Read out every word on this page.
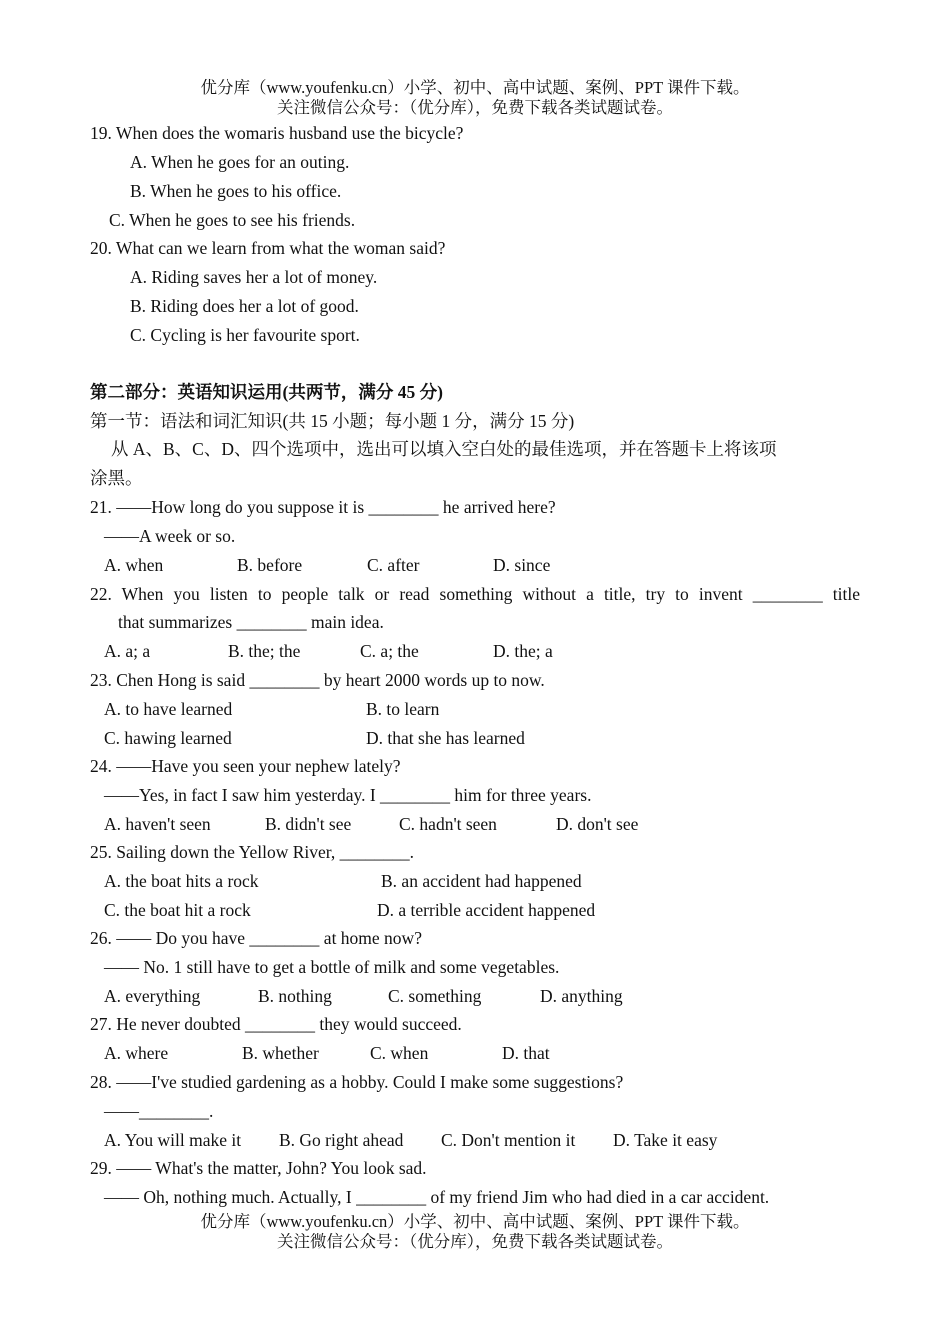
优分库（www.youfenku.cn）小学、初中、高中试题、案例、PPT 课件下载。
关注微信公众号：（优分库），免费下载各类试题试卷。
19. When does the womaris husband use the bicycle?
A. When he goes for an outing.
B. When he goes to his office.
C. When he goes to see his friends.
20. What can we learn from what the woman said?
A. Riding saves her a lot of money.
B. Riding does her a lot of good.
C. Cycling is her favourite sport.
第二部分：英语知识运用(共两节，满分 45 分)
第一节：语法和词汇知识(共 15 小题；每小题 1 分，满分 15 分)
从 A、B、C、D、四个选项中，选出可以填入空白处的最佳选项，并在答题卡上将该项
涂黑。
21. ——How long do you suppose it is ________ he arrived here?
——A week or so.
A. when	B. before	C. after	D. since
22. When you listen to people talk or read something without a title, try to invent ________ title
that summarizes ________ main idea.
A. a; a	B. the; the	C. a; the	D. the; a
23. Chen Hong is said ________ by heart 2000 words up to now.
A. to have learned	B. to learn
C. hawing learned	D. that she has learned
24. ——Have you seen your nephew lately?
——Yes, in fact I saw him yesterday. I ________ him for three years.
A. haven't seen	B. didn't see	C. hadn't seen	D. don't see
25. Sailing down the Yellow River, ________.
A. the boat hits a rock	B. an accident had happened
C. the boat hit a rock	D. a terrible accident happened
26. —— Do you have ________ at home now?
—— No. 1 still have to get a bottle of milk and some vegetables.
A. everything	B. nothing	C. something	D. anything
27. He never doubted ________ they would succeed.
A. where	B. whether	C. when	D. that
28. ——I've studied gardening as a hobby. Could I make some suggestions?
——________.
A. You will make it B. Go right ahead C. Don't mention it D. Take it easy
29. —— What's the matter, John? You look sad.
—— Oh, nothing much. Actually, I ________ of my friend Jim who had died in a car accident.
优分库（www.youfenku.cn）小学、初中、高中试题、案例、PPT 课件下载。
关注微信公众号：（优分库），免费下载各类试题试卷。
